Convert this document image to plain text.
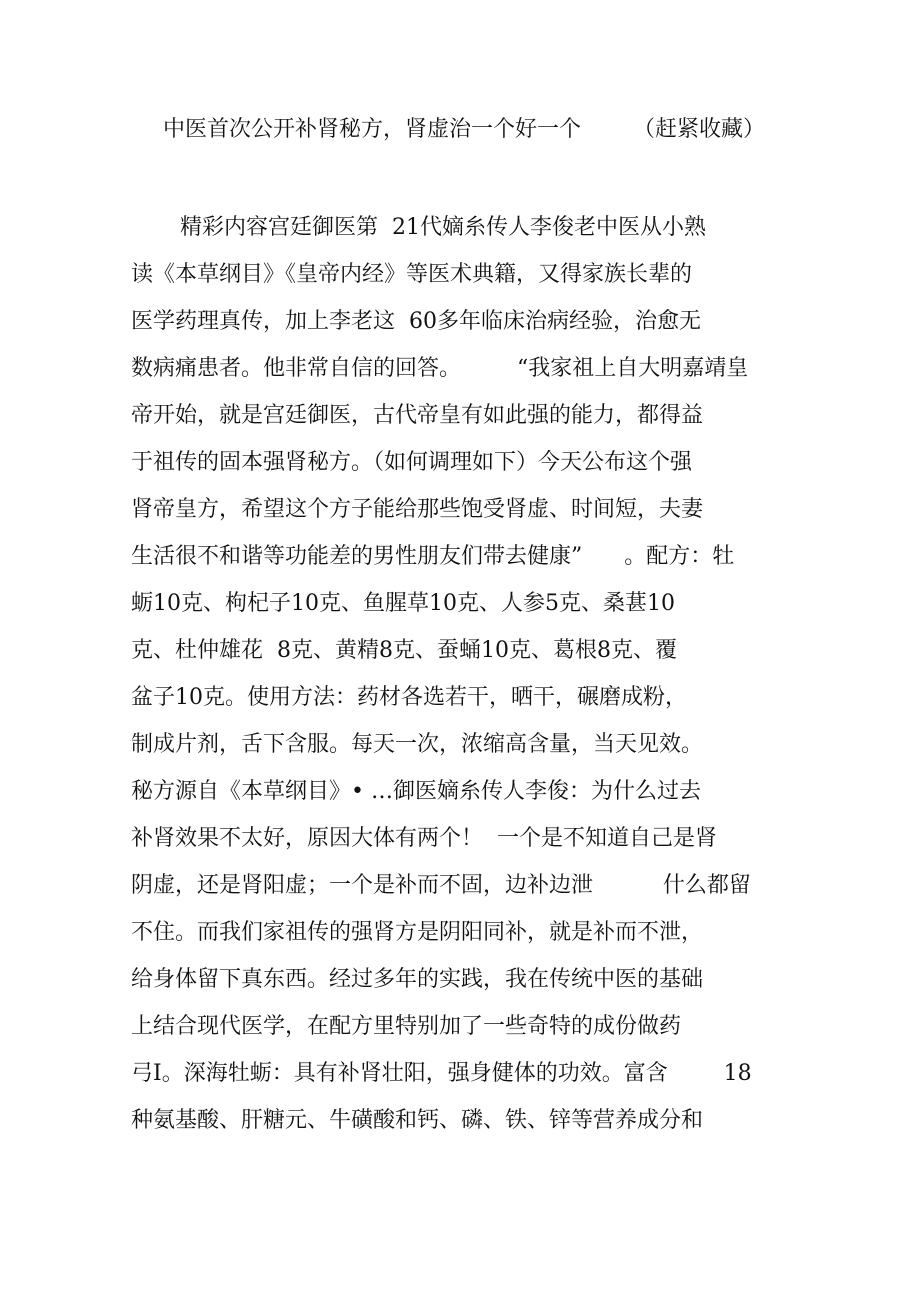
中医首次公开补肾秘方，肾虚治一个好一个 （赶紧收藏）
精彩内容宫廷御医第  21代嫡糸传人李俊老中医从小熟
读《本草纲目》《皇帝内经》等医术典籍，又得家族长辈的
医学药理真传，加上李老这  60多年临床治病经验，治愈无
数病痛患者。他非常自信的回答。        “我家祖上自大明嘉靖皇
帝开始，就是宫廷御医，古代帝皇有如此强的能力，都得益
于祖传的固本强肾秘方。（如何调理如下）今天公布这个强
肾帝皇方，希望这个方子能给那些饱受肾虚、时间短，夫妻
生活很不和谐等功能差的男性朋友们带去健康”      。配方：牡
蛎10克、枸杞子10克、鱼腥草10克、人参5克、桑葚10
克、杜仲雄花  8克、黄精8克、蚕蛹10克、葛根8克、覆
盆子10克。使用方法：药材各选若干，晒干，碾磨成粉，
制成片剂，舌下含服。每天一次，浓缩高含量，当天见效。
秘方源自《本草纲目》• …御医嫡糸传人李俊：为什么过去
补肾效果不太好，原因大体有两个！  一个是不知道自己是肾
阴虚，还是肾阳虚；一个是补而不固，边补边泄          什么都留
不住。而我们家祖传的强肾方是阴阳同补，就是补而不泄，
给身体留下真东西。经过多年的实践，我在传统中医的基础
上结合现代医学，在配方里特别加了一些奇特的成份做药
弓I。深海牡蛎：具有补肾壮阳，强身健体的功效。富含        18
种氨基酸、肝糖元、牛磺酸和钙、磷、铁、锌等营养成分和
